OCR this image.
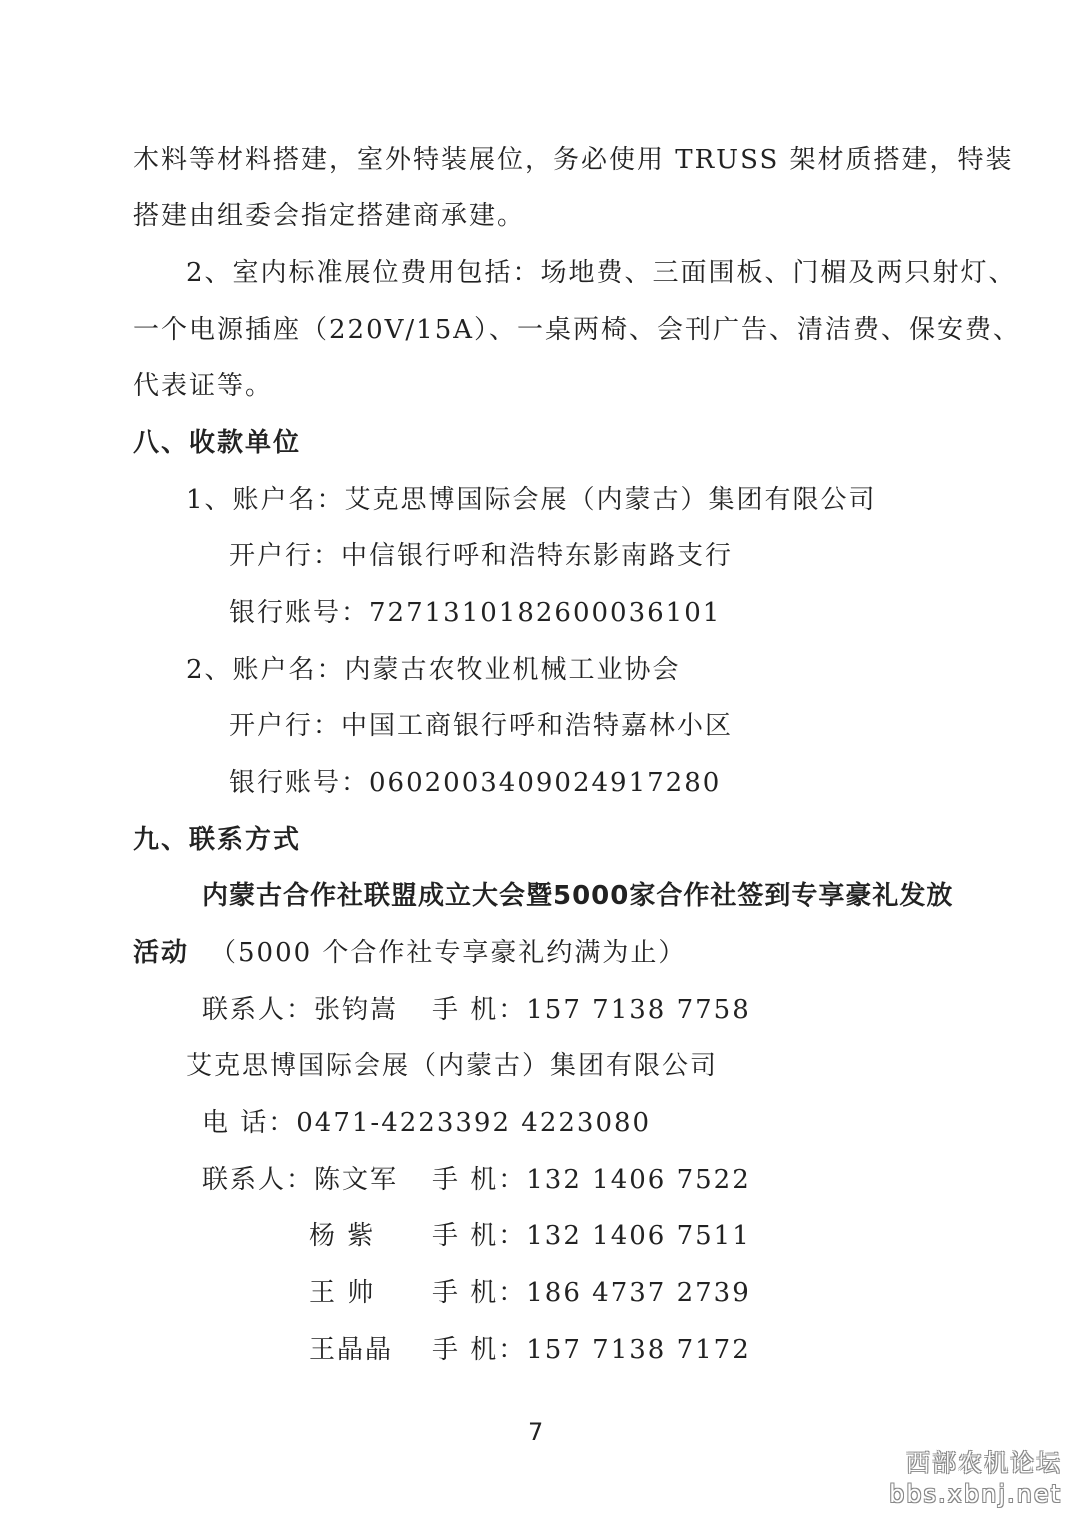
木料等材料搭建，室外特装展位，务必使用 TRUSS 架材质搭建，特装
搭建由组委会指定搭建商承建。
2、室内标准展位费用包括：场地费、三面围板、门楣及两只射灯、
一个电源插座（220V/15A）、一桌两椅、会刊广告、清洁费、保安费、
代表证等。
八、收款单位
1、账户名：艾克思博国际会展（内蒙古）集团有限公司
开户行：中信银行呼和浩特东影南路支行
银行账号：7271310182600036101
2、账户名：内蒙古农牧业机械工业协会
开户行：中国工商银行呼和浩特嘉林小区
银行账号：0602003409024917280
九、联系方式
内蒙古合作社联盟成立大会暨5000家合作社签到专享豪礼发放
活动 （5000 个合作社专享豪礼约满为止）
联系人：张钧嵩 手 机：157 7138 7758
艾克思博国际会展（内蒙古）集团有限公司
电 话：0471-4223392 4223080
联系人：陈文军 手 机：132 1406 7522
杨 紫 手 机：132 1406 7511
王 帅 手 机：186 4737 2739
王晶晶 手 机：157 7138 7172
7
西部农机论坛
bbs.xbnj.net
